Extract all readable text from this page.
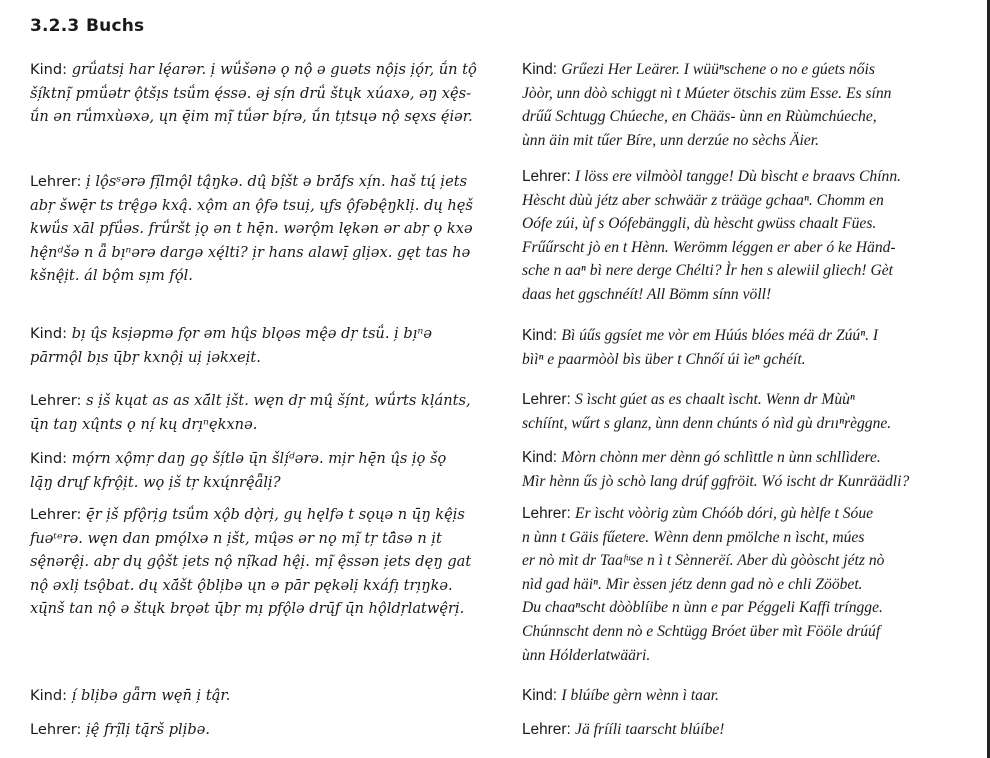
3.2.3 Buchs
Kind: grǘatsi̦ har lę́arər. i̦ wǘšənə ǫ nǫ̂ ə guəts nǫ̂i̦s i̦ǫ́r, ṹn tǫ̂
šı̦́ktnı̦̃ pmǘətr ǫ̂tšı̦s tsǘm ę́ssə. əɉ sı̦́n drǘ štųk xúaxə, əŋ xę̂s-
ṹn ən rǘmxùəxə, ųn ę̄im mı̦̃ tǘər bı̦́rə, ṹn tı̦tsųə nǫ̂ sęxs ę́iər.
Lehrer: i̦ lǫ̂sˢərə fı̦̃lmǫ̂l tą̂ŋkə. dų̂ bı̦̂št ə brā́fs xı̦́n. haš tų́ i̦ets
abr̦ šwę̄r ts trę̂gə kxą̂. xǫ̂m an ǫ̂fə tsui̦, ųfs ǫ̂fəbę̂ŋkli̦. dų hęš
kwǘs xāl pfǘəs. frǘršt i̦ǫ ən t hę̄n. wərǫ̂m lękən ər abr̦ ǫ kxə
hę̂nᵈšə n ǟ bı̦ⁿərə dargə xę́lti? i̦r hans alawı̦̄ gli̦əx. gęt tas hə
kšnę̂i̦t. ál bǫ̂m sı̦m fǫ́l.
Kind: bı̦ ų̂s ksi̦əpmə fǫr əm hų̂s blǫəs mę̂ə dr̦ tsǘ. i̦ bı̦ⁿə
pārmǫ̂l bı̦s ų̄br̦ kxnǫ̂i̦ ui̦ i̦əkxei̦t.
Lehrer: s i̦š kųat as as xā́lt i̦št. węn dr̦ mų̂ šı̦́nt, wǘrts kļánts,
ų̄n taŋ xų̂nts ǫ nı̦́ kų drı̦ⁿękxnə.
Kind: mǫ́rn xǫ̂mr̦ daŋ gǫ ší̦tlə ų̄n šlı̦́ᵈərə. mi̦r hę̄n ų̂s i̦ǫ šǫ
lą̄ŋ drųf kfrǫ̂i̦t. wǫ i̦š tr̦ kxų́nrę̂ǟli̦?
Lehrer: ę̄r i̦š pfǫ̂ri̦g tsǘm xǫ̂b dǫ̀ri̦, gų hęlfə t sǫųə n ų̄ŋ kę̂i̦s
fuəᵗᵉrə. węn dan pmǫ́lxə n i̦št, mų̂əs ər nǫ mı̦̃ tr̦ tā̂sə n i̦t
sę̂nərę̂i̦. abr̦ dų gǫ̂št i̦ets nǫ̂ nı̦̃kad hę̂i̦. mı̦̃ ę̂ssən i̦ets dęŋ gat
nǫ̂ əxli̦ tsǫ̂bat. dų xā́št ǫ̂bli̦bə ųn ə pār pękəli̦ kxáfı̦ trı̦ŋkə.
xų̄nš tan nǫ̂ ə štųk brǫət ų̄br̦ mı̦ pfǫ̂lə drų̄f ų̄n hǫ̂ldr̦latwę̂ri̦.
Kind: ı̦́ bli̦bə gǟrn węn̄ i̦ tą̂r.
Lehrer: i̦ę̂ frı̦̃li̦ tą̄rš pli̦bə.
Kind: Grűezi Her Leärer. I wüüⁿschene o no e gúets nőis
Jòòr, unn dòò schiggt nì t Múeter ötschis züm Esse. Es sínn
drűű Schtugg Chúeche, en Chääs- ùnn en Rùùmchúeche,
ùnn äin mit tűer Bíre, unn derzúe no sèchs Äier.
Lehrer: I löss ere vilmòòl tangge! Dù bìscht e braavs Chínn.
Hèscht dùù jétz aber schwäär z trääge gchaaⁿ. Chomm en
Oófe zúi, ùf s Oófebänggli, dù hèscht gwüss chaalt Fües.
Frűűrscht jò en t Hènn. Werömm léggen er aber ó ke Händ-
sche n aaⁿ bì nere derge Chélti? Ìr hen s alewiil gliech! Gèt
daas het ggschnéít! All Bömm sínn völl!
Kind: Bì úűs ggsíet me vòr em Húús blóes méä dr Zúúⁿ. I
bììⁿ e paarmòòl bìs über t Chnőí úi ìeⁿ gchéít.
Lehrer: S ìscht gúet as es chaalt ìscht. Wenn dr Mùùⁿ
schíínt, wűrt s glanz, ùnn denn chúnts ó nìd gù drııⁿrèggne.
Kind: Mòrn chònn mer dènn gó schlìttle n ùnn schllìdere.
Mìr hènn űs jò schò lang drúf ggfröit. Wó ischt dr Kunräädli?
Lehrer: Er ìscht vòòrig zùm Chóób dóri, gù hèlfe t Sóue
n ùnn t Gäis fűetere. Wènn denn pmölche n ìscht, múes
er nò mìt dr Taaᶠᵘse n ì t Sènnerëí. Aber dù gòòscht jétz nò
nìd gad häiⁿ. Mìr èssen jétz denn gad nò e chli Zööbet.
Du chaaⁿscht dòòblíibe n ùnn e par Péggeli Kaffi tríngge.
Chúnnscht denn nò e Schtügg Bróet über mìt Fööle drúúf
ùnn Hólderlatwääri.
Kind: I blúíbe gèrn wènn ì taar.
Lehrer: Jä frííli taarscht blúíbe!
